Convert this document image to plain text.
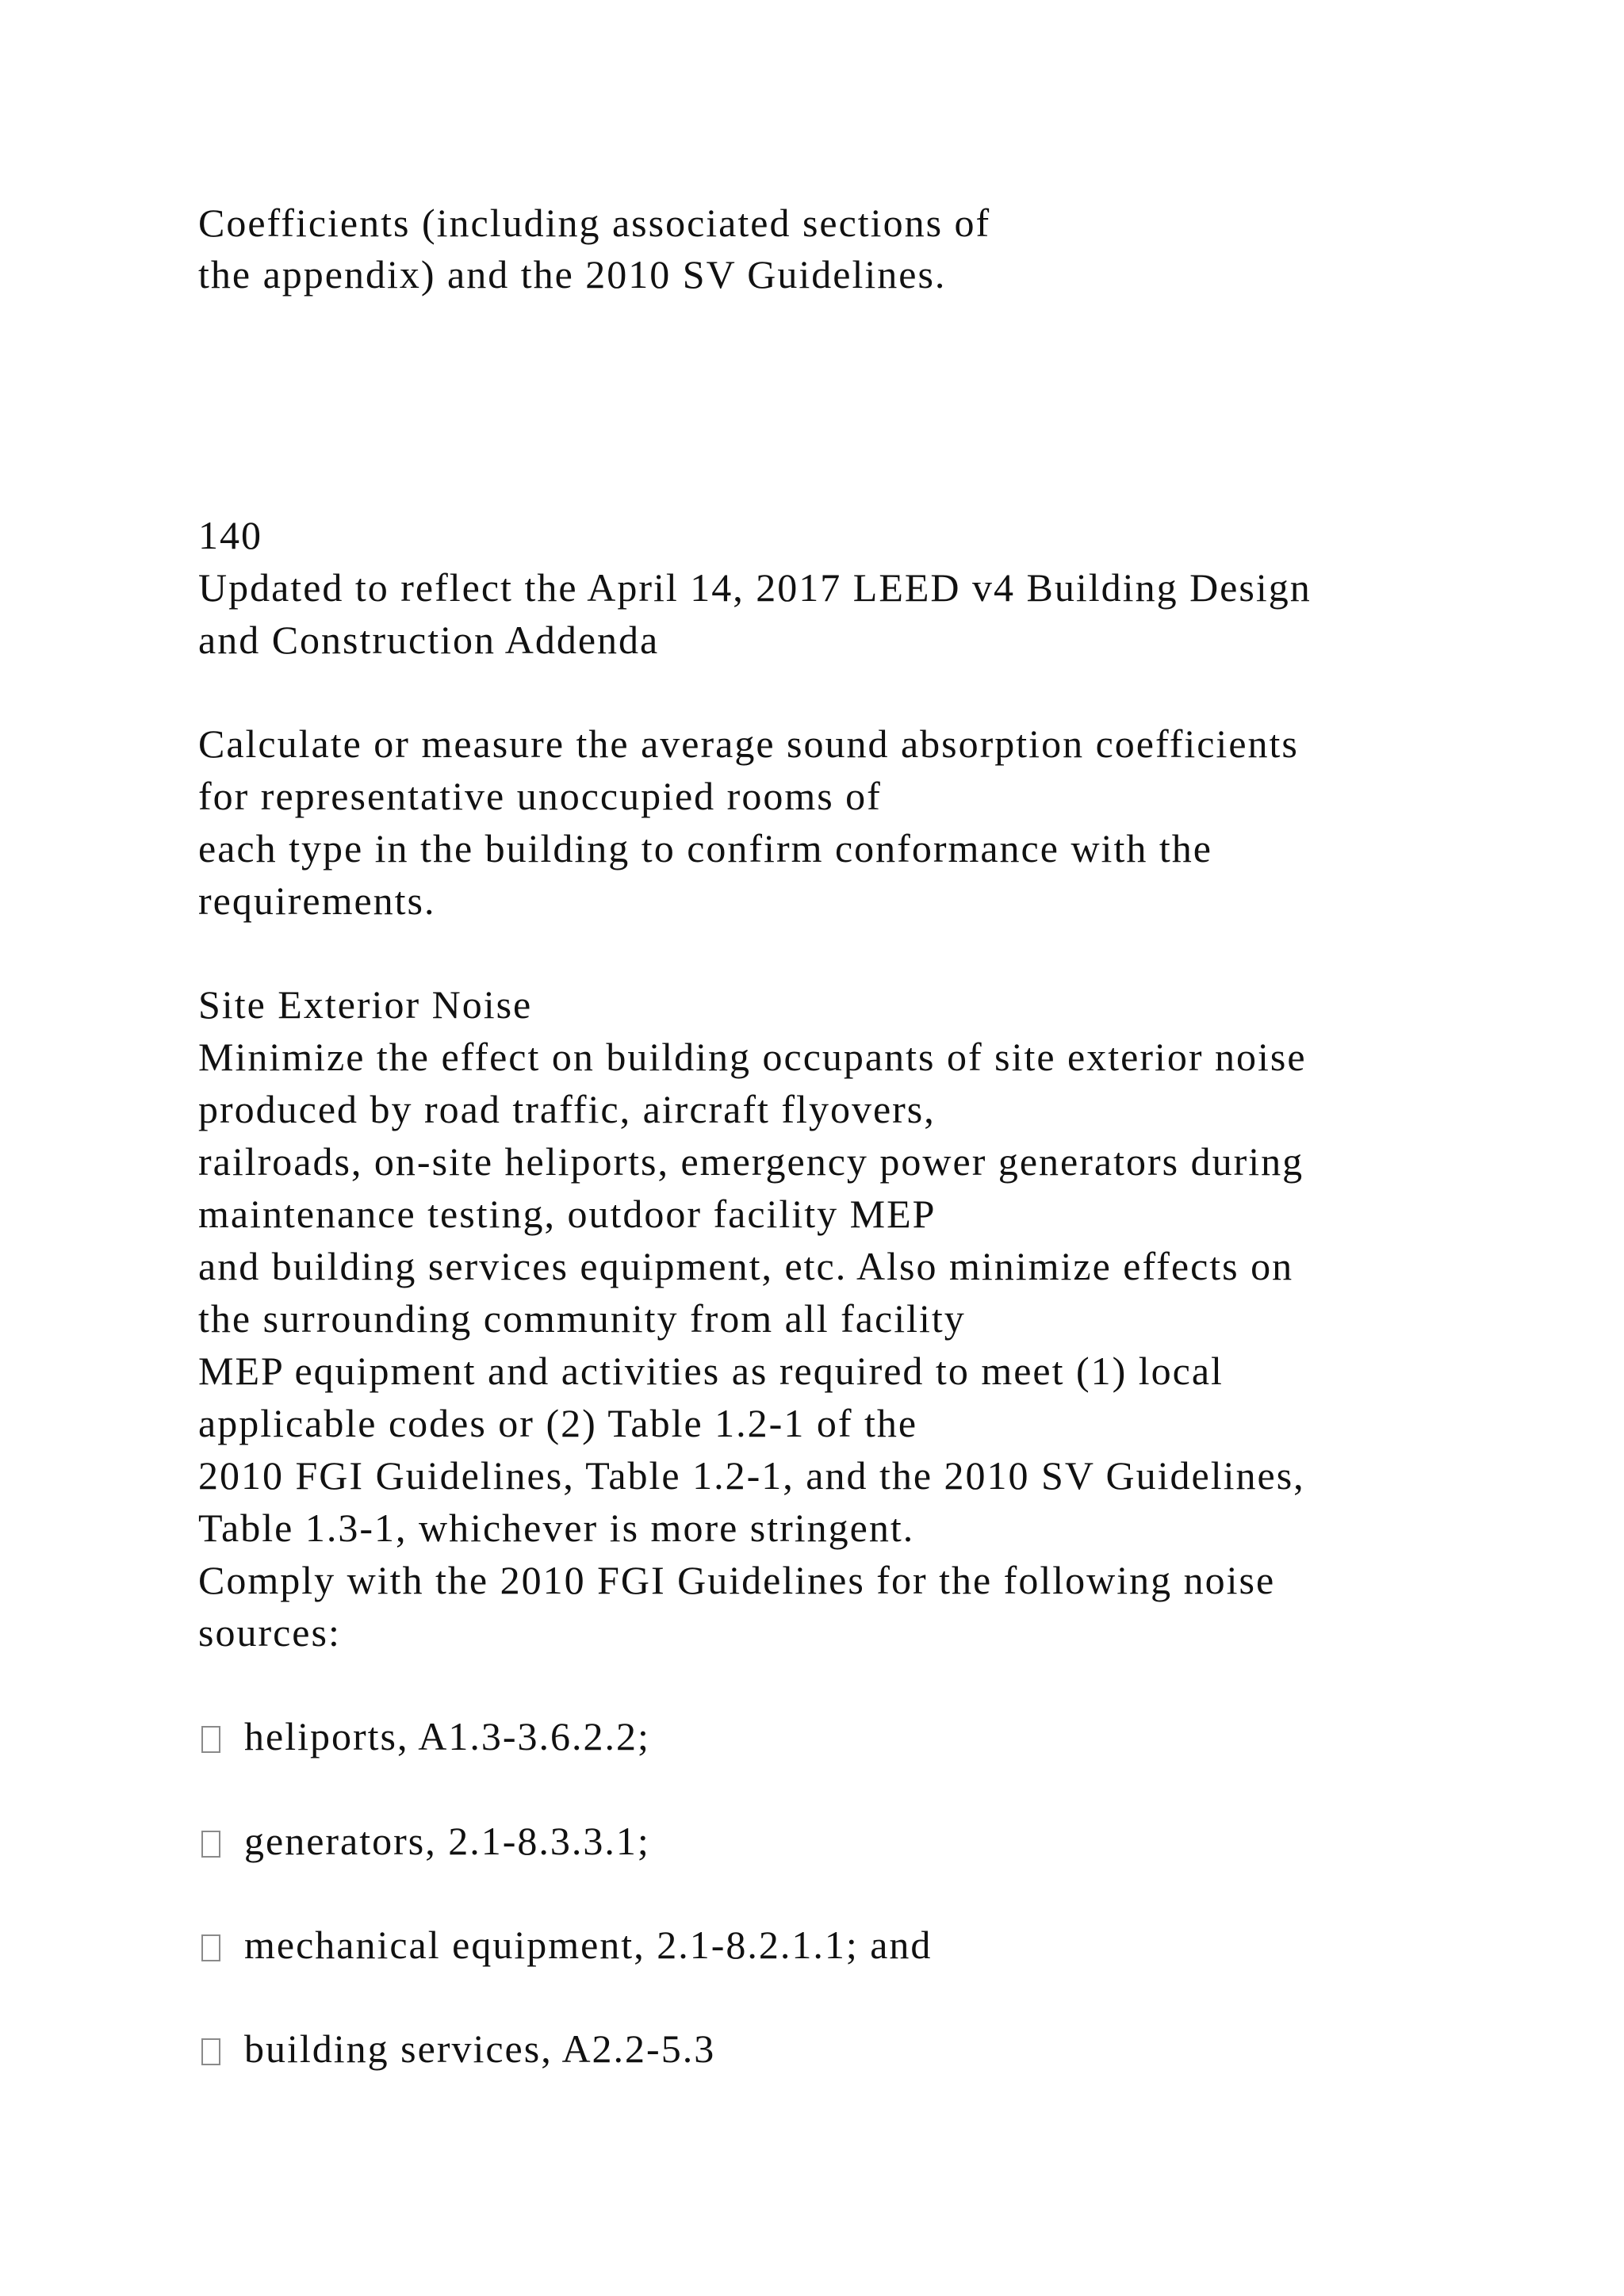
Coefficients (including associated sections of
the appendix) and the 2010 SV Guidelines.
140
Updated to reflect the April 14, 2017 LEED v4 Building Design
and Construction Addenda
Calculate or measure the average sound absorption coefficients
for representative unoccupied rooms of
each type in the building to confirm conformance with the
requirements.
Site Exterior Noise
Minimize the effect on building occupants of site exterior noise
produced by road traffic, aircraft flyovers,
railroads, on-site heliports, emergency power generators during
maintenance testing, outdoor facility MEP
and building services equipment, etc. Also minimize effects on
the surrounding community from all facility
MEP equipment and activities as required to meet (1) local
applicable codes or (2) Table 1.2-1 of the
2010 FGI Guidelines, Table 1.2-1, and the 2010 SV Guidelines,
Table 1.3-1, whichever is more stringent.
Comply with the 2010 FGI Guidelines for the following noise
sources:
heliports, A1.3-3.6.2.2;
generators, 2.1-8.3.3.1;
mechanical equipment, 2.1-8.2.1.1; and
building services, A2.2-5.3
